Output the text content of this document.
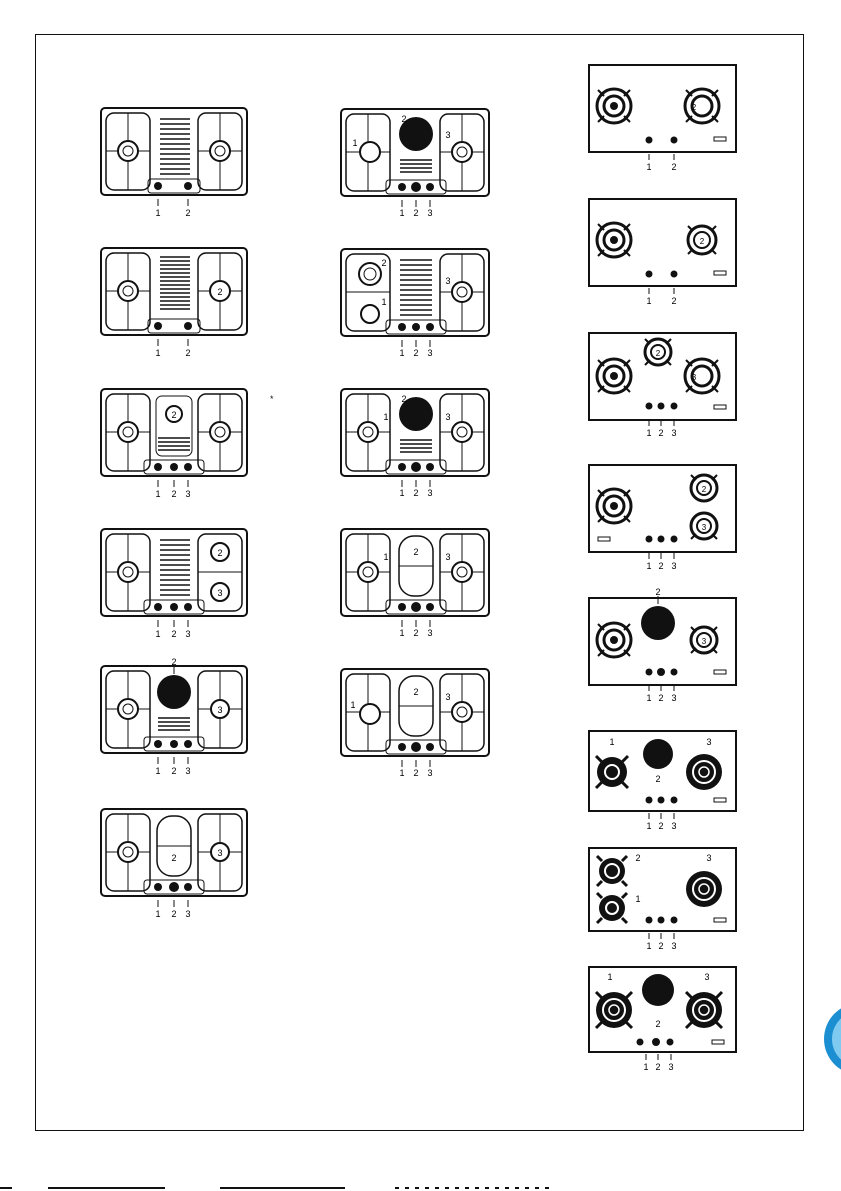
1	2
2
1	2
2
1 2 3
2
3
1 2 3
2
3
1 2 3
3
2
1 2 3
*
1
3
2
1 2 3
2
1
3
1 2 3
1	3
2
1 2 3
1	3
2
1 2 3
1
3
2
1 2 3
2
1 2
2
1 2
2
3
1 2 3
2
3
1 2 3
2
3
1 2 3
1
2
3
1 2 3
2
1
3
1 2 3
1
2
3
1 2 3
